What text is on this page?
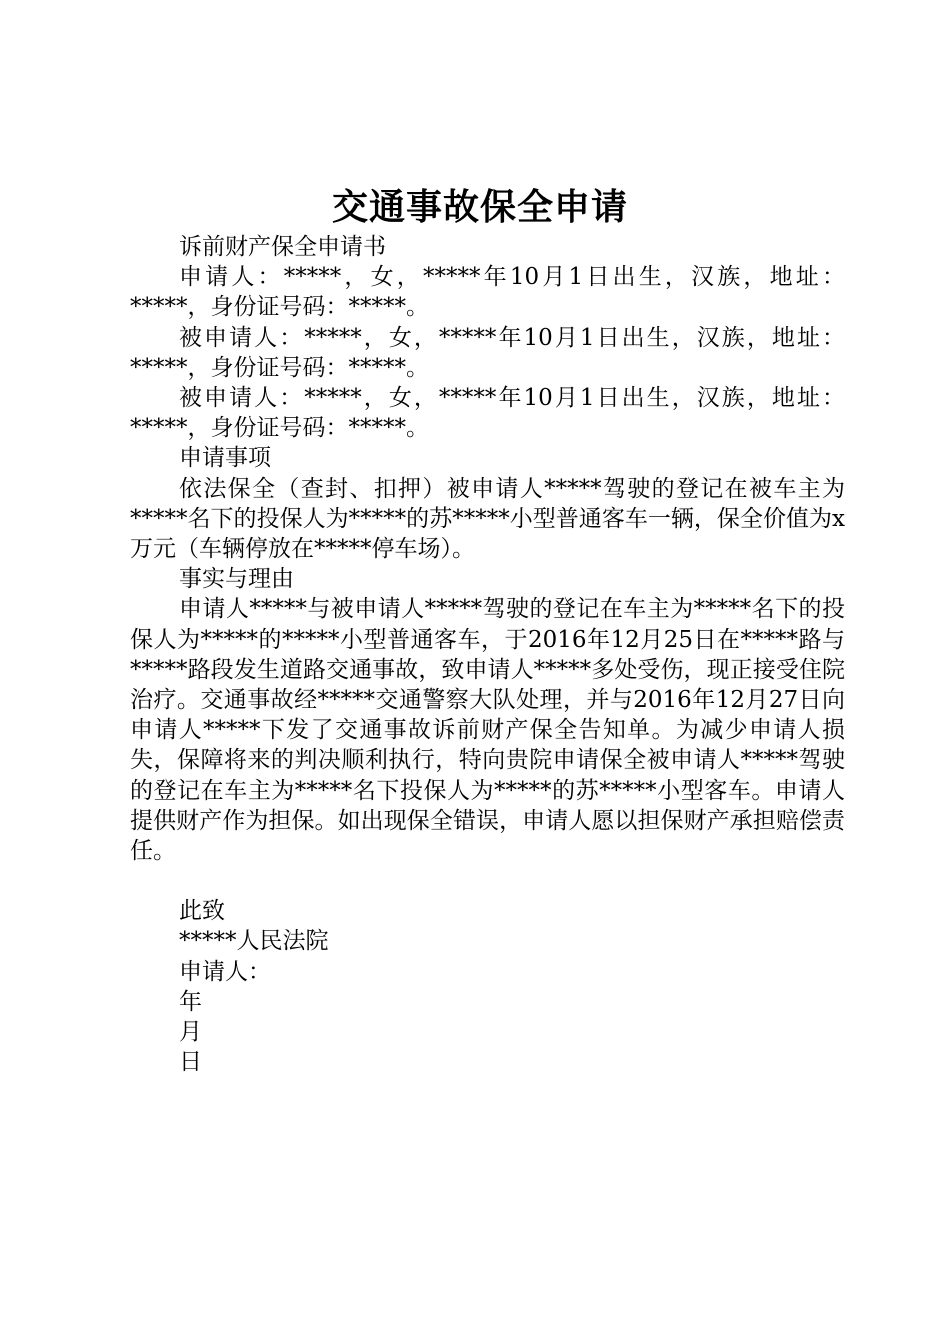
交通事故保全申请

诉前财产保全申请书

申请人：*****，女，*****年10月1日出生，汉族，地址：*****，身份证号码：*****。

被申请人：*****，女，*****年10月1日出生，汉族，地址：*****，身份证号码：*****。

被申请人：*****，女，*****年10月1日出生，汉族，地址：*****，身份证号码：*****。

申请事项

依法保全（查封、扣押）被申请人*****驾驶的登记在被车主为*****名下的投保人为*****的苏*****小型普通客车一辆，保全价值为x万元（车辆停放在*****停车场）。

事实与理由

申请人*****与被申请人*****驾驶的登记在车主为*****名下的投保人为*****的*****小型普通客车，于2016年12月25日在*****路与*****路段发生道路交通事故，致申请人*****多处受伤，现正接受住院治疗。交通事故经*****交通警察大队处理，并与2016年12月27日向申请人*****下发了交通事故诉前财产保全告知单。为减少申请人损失，保障将来的判决顺利执行，特向贵院申请保全被申请人*****驾驶的登记在车主为*****名下投保人为*****的苏*****小型客车。申请人提供财产作为担保。如出现保全错误，申请人愿以担保财产承担赔偿责任。

此致

*****人民法院

申请人：

年

月

日
